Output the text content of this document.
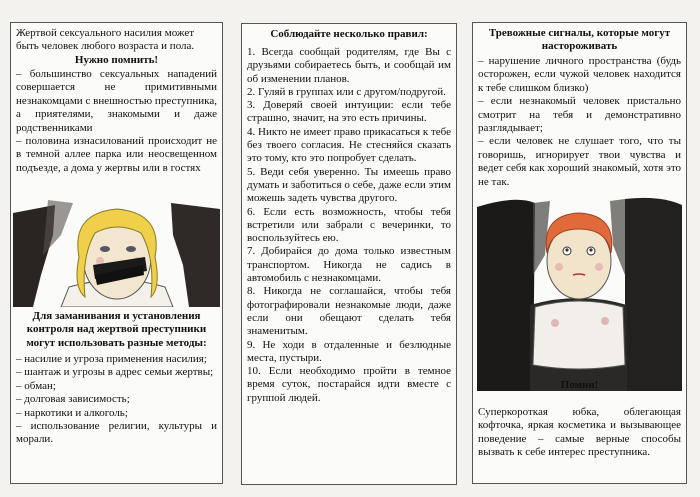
Жертвой сексуального насилия может быть человек любого возраста и пола.

Нужно помнить!

– большинство сексуальных нападений совершается не примитивными незнакомцами с внешностью преступника, а приятелями, знакомыми и даже родственниками
– половина изнасилований происходит не в темной аллее парка или неосвещенном подъезде, а дома у жертвы или в гостях

Для заманивания и установления контроля над жертвой преступники могут использовать разные методы:

– насилие и угроза применения насилия;
– шантаж и угрозы в адрес семьи жертвы;
– обман;
– долговая зависимость;
– наркотики и алкоголь;
– использование религии, культуры и морали.

Соблюдайте несколько правил:

1. Всегда сообщай родителям, где Вы с друзьями собираетесь быть, и сообщай им об изменении планов.
2. Гуляй в группах или с другом/подругой.
3. Доверяй своей интуиции: если тебе страшно, значит, на это есть причины.
4. Никто не имеет право прикасаться к тебе без твоего согласия. Не стесняйся сказать это тому, кто это попробует сделать.
5. Веди себя уверенно. Ты имеешь право думать и заботиться о себе, даже если этим можешь задеть чувства другого.
6. Если есть возможность, чтобы тебя встретили или забрали с вечеринки, то воспользуйтесь ею.
7. Добирайся до дома только известным транспортом. Никогда не садись в автомобиль с незнакомцами.
8. Никогда не соглашайся, чтобы тебя фотографировали незнакомые люди, даже если они обещают сделать тебя знаменитым.
9. Не ходи в отдаленные и безлюдные места, пустыри.
10. Если необходимо пройти в темное время суток, постарайся идти вместе с группой людей.

Тревожные сигналы, которые могут настороживать

– нарушение личного пространства (будь осторожен, если чужой человек находится к тебе слишком близко)
– если незнакомый человек пристально смотрит на тебя и демонстративно разглядывает;
– если человек не слушает того, что ты говоришь, игнорирует твои чувства и ведет себя как хороший знакомый, хотя это не так.

Помни!

Суперкороткая юбка, облегающая кофточка, яркая косметика и вызывающее поведение – самые верные способы вызвать к себе интерес преступника.
